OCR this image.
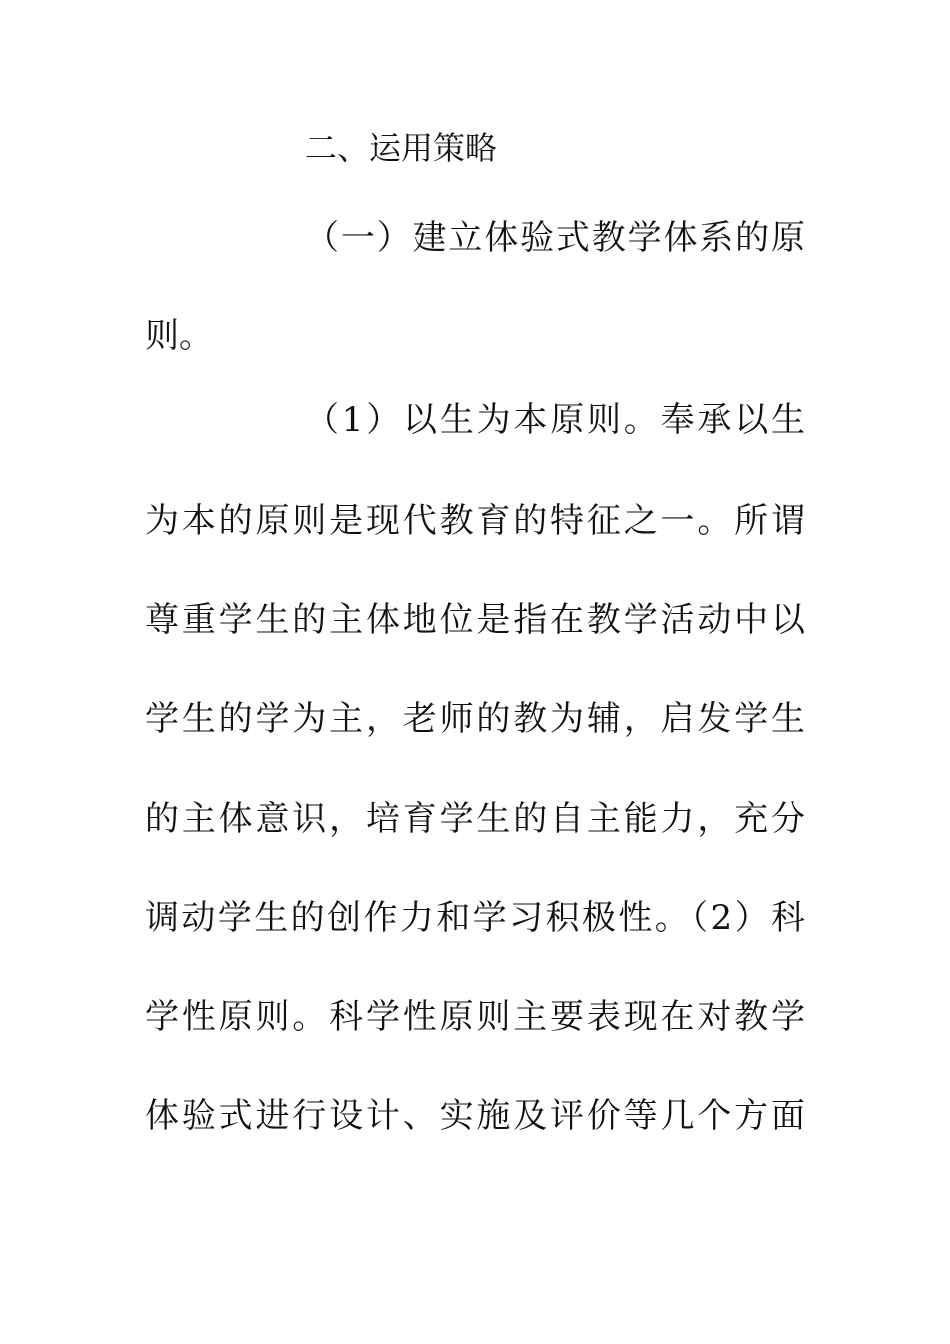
二、运用策略
（一）建立体验式教学体系的原
则。
（1）以生为本原则。奉承以生
为本的原则是现代教育的特征之一。所谓
尊重学生的主体地位是指在教学活动中以
学生的学为主，老师的教为辅，启发学生
的主体意识，培育学生的自主能力，充分
调动学生的创作力和学习积极性。（2）科
学性原则。科学性原则主要表现在对教学
体验式进行设计、实施及评价等几个方面
